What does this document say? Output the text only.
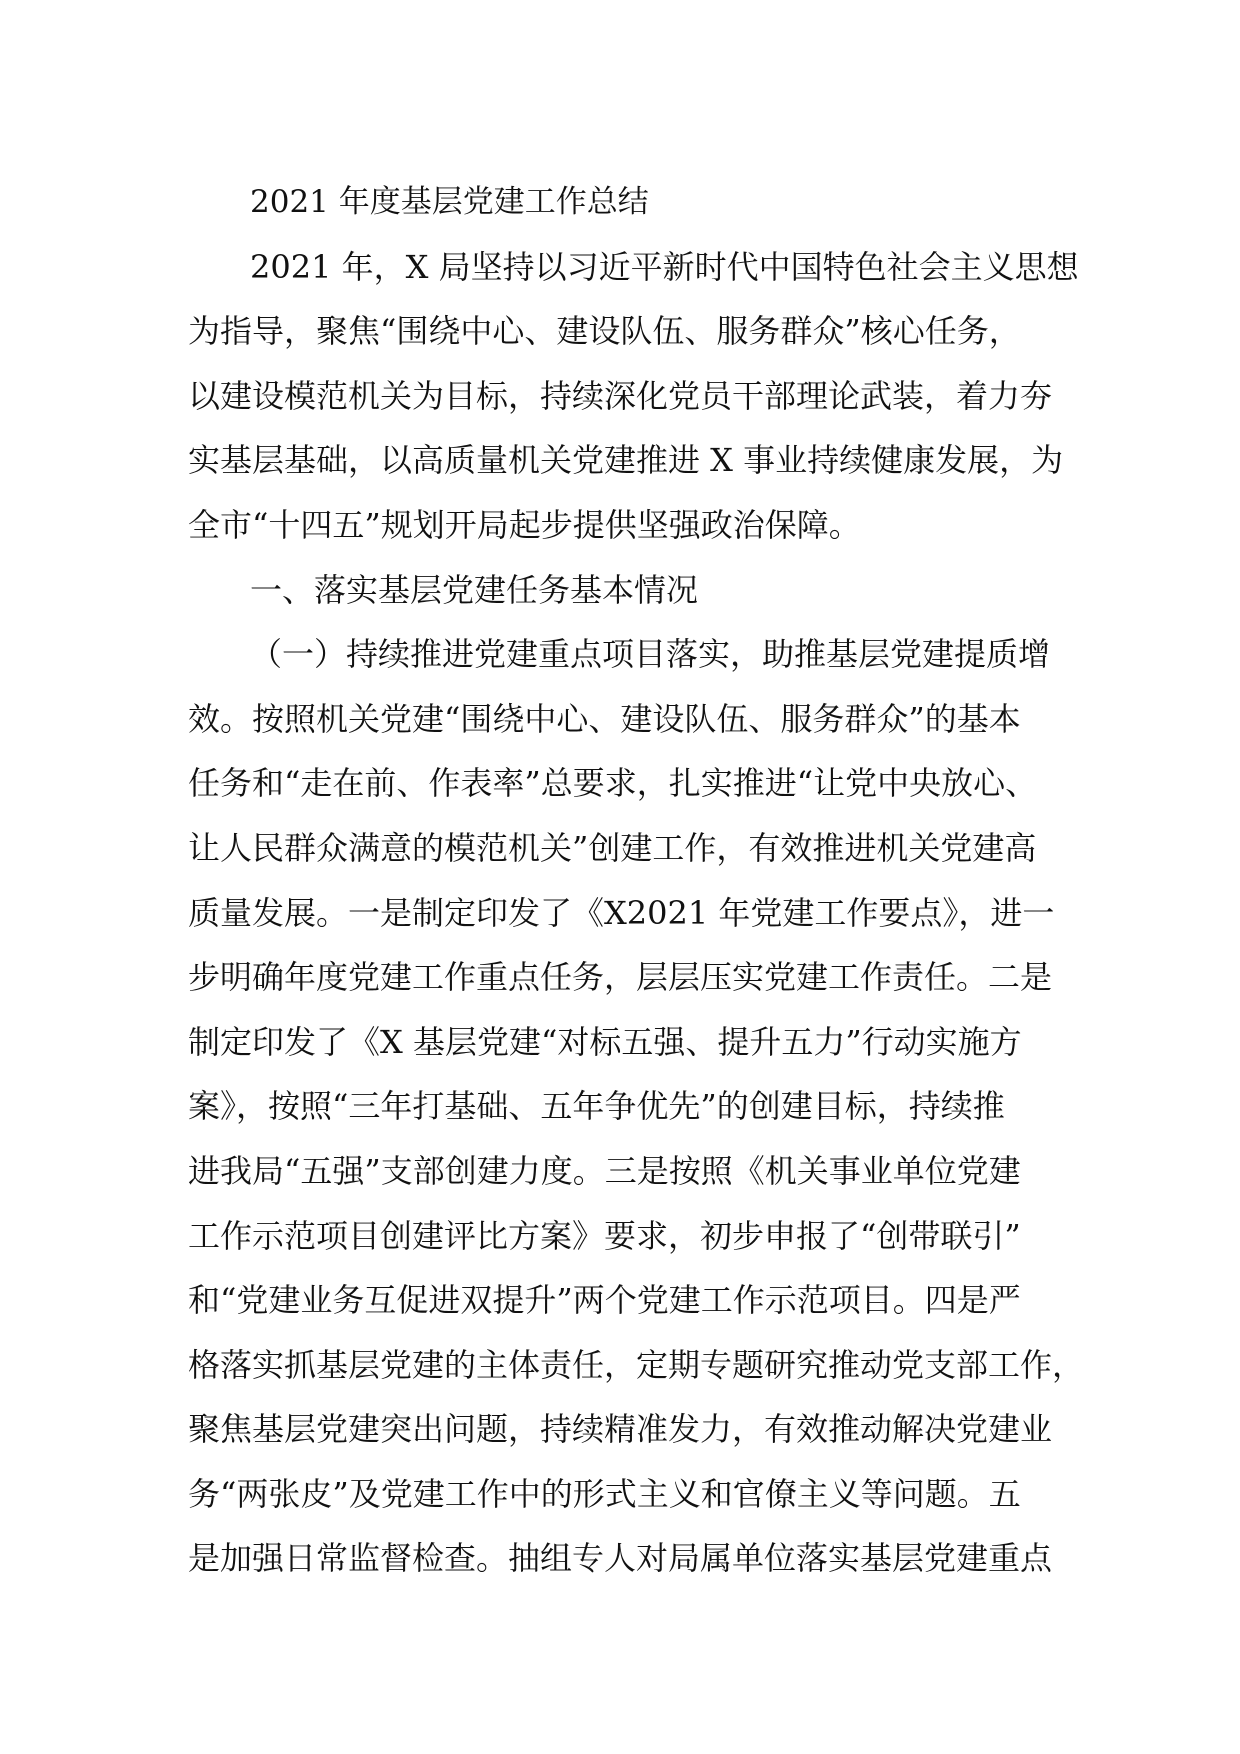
2021 年度基层党建工作总结
2021 年，X 局坚持以习近平新时代中国特色社会主义思想
为指导，聚焦“围绕中心、建设队伍、服务群众”核心任务，
以建设模范机关为目标，持续深化党员干部理论武装，着力夯
实基层基础，以高质量机关党建推进 X 事业持续健康发展，为
全市“十四五”规划开局起步提供坚强政治保障。
一、落实基层党建任务基本情况
（一）持续推进党建重点项目落实，助推基层党建提质增
效。按照机关党建“围绕中心、建设队伍、服务群众”的基本
任务和“走在前、作表率”总要求，扎实推进“让党中央放心、
让人民群众满意的模范机关”创建工作，有效推进机关党建高
质量发展。一是制定印发了《X2021 年党建工作要点》，进一
步明确年度党建工作重点任务，层层压实党建工作责任。二是
制定印发了《X 基层党建“对标五强、提升五力”行动实施方
案》，按照“三年打基础、五年争优先”的创建目标，持续推
进我局“五强”支部创建力度。三是按照《机关事业单位党建
工作示范项目创建评比方案》要求，初步申报了“创带联引”
和“党建业务互促进双提升”两个党建工作示范项目。四是严
格落实抓基层党建的主体责任，定期专题研究推动党支部工作，
聚焦基层党建突出问题，持续精准发力，有效推动解决党建业
务“两张皮”及党建工作中的形式主义和官僚主义等问题。五
是加强日常监督检查。抽组专人对局属单位落实基层党建重点
